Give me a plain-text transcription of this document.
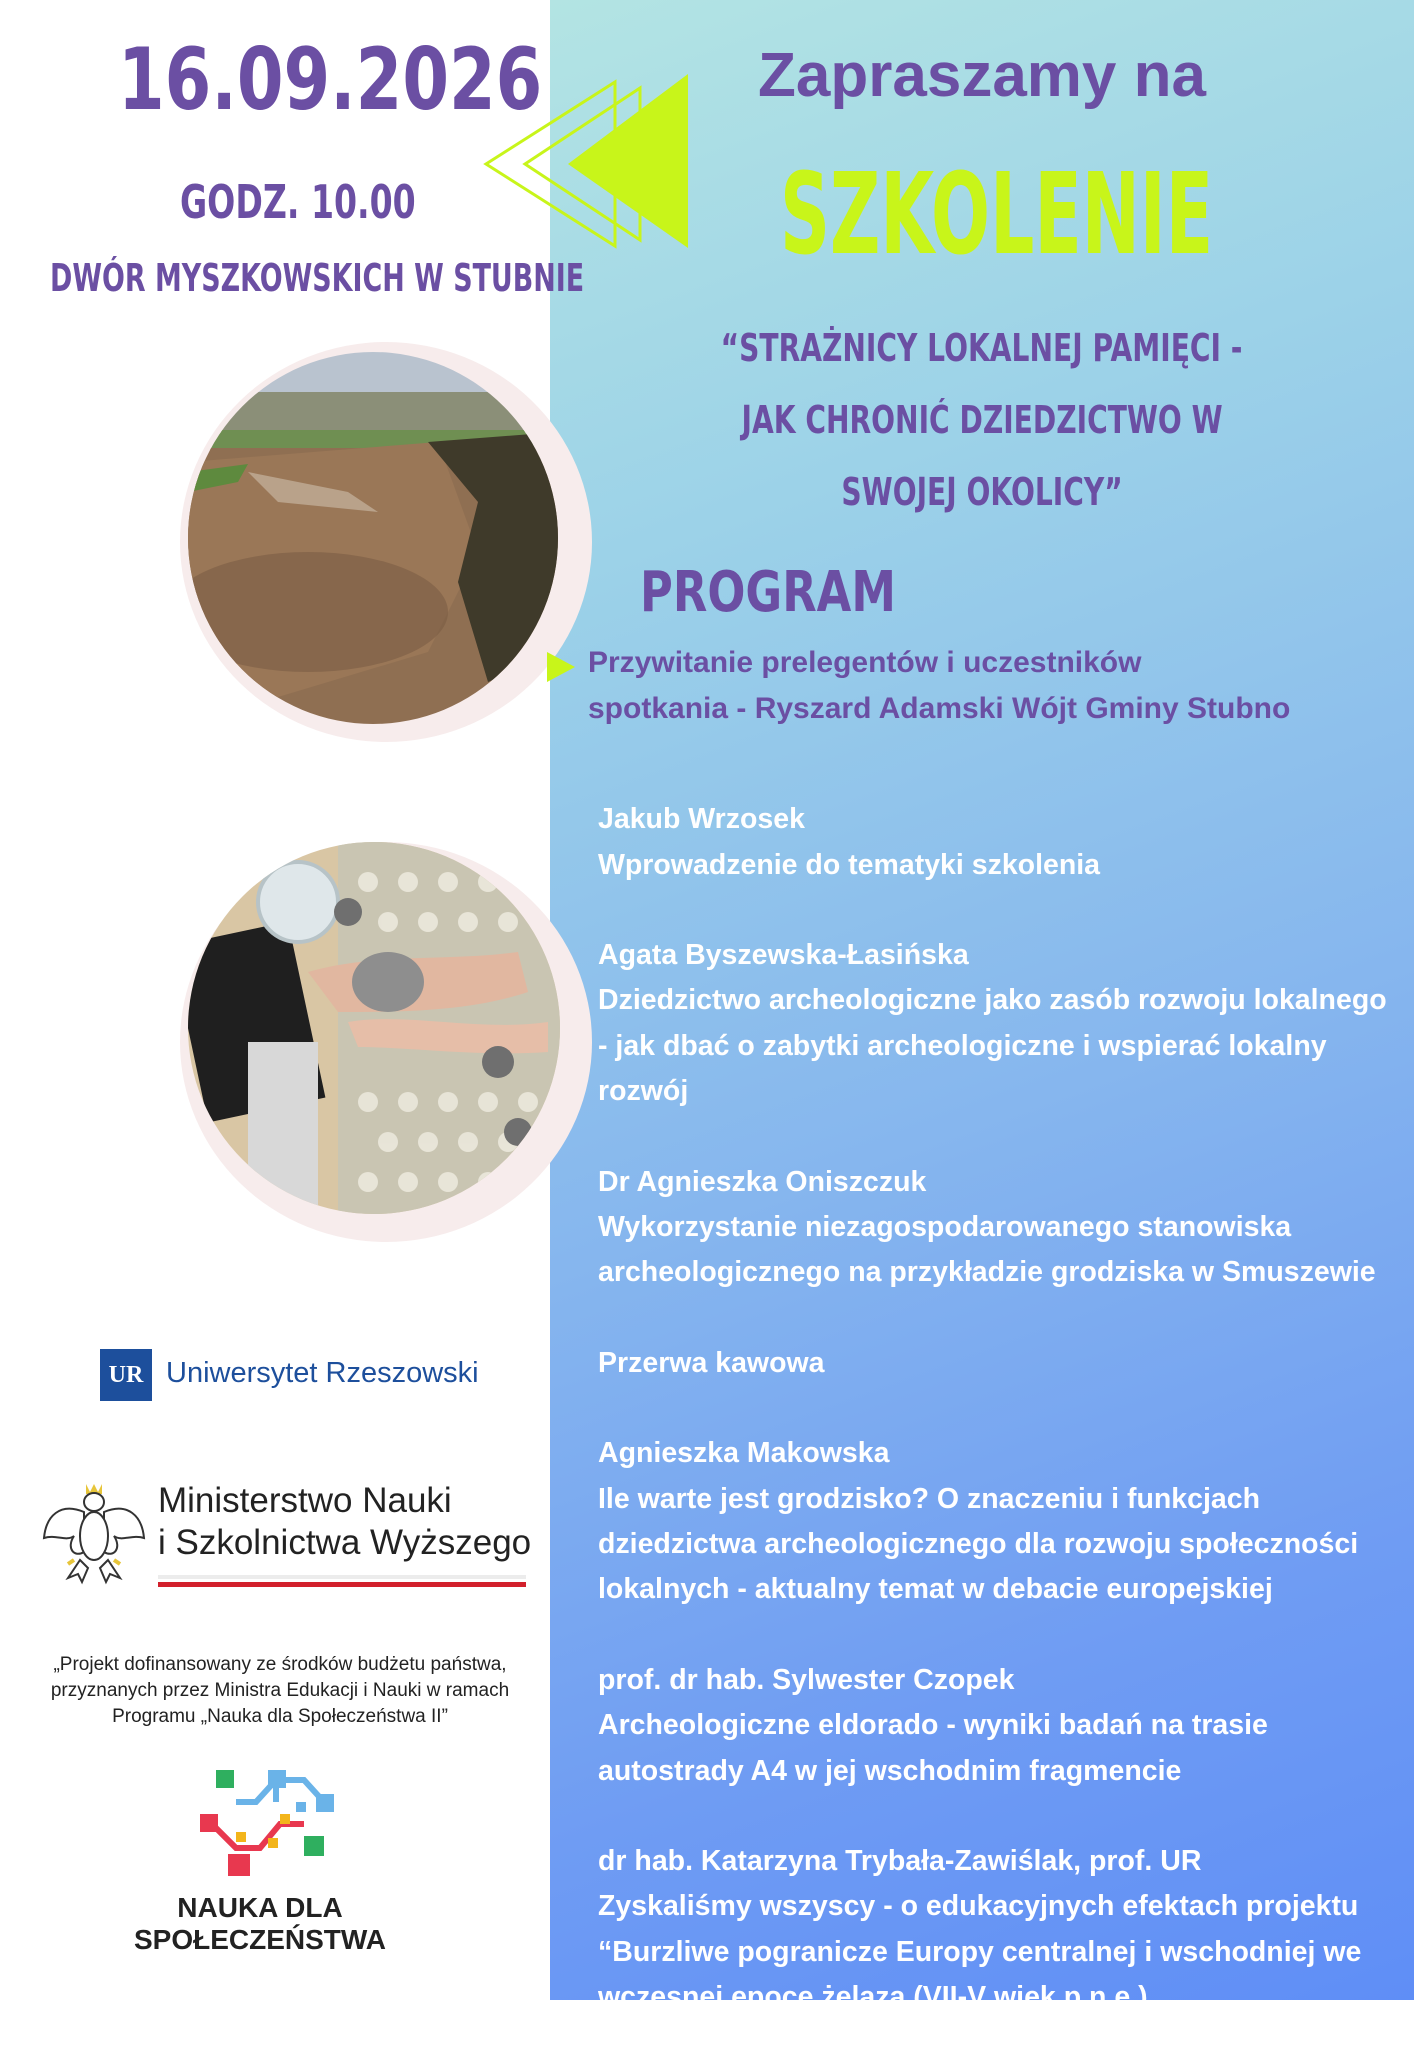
16.09.2026
GODZ. 10.00
DWÓR MYSZKOWSKICH W STUBNIE
Zapraszamy na
SZKOLENIE
“STRAŻNICY LOKALNEJ PAMIĘCI -
JAK CHRONIĆ DZIEDZICTWO W
SWOJEJ OKOLICY”
PROGRAM
Przywitanie prelegentów i uczestników
spotkania - Ryszard Adamski Wójt Gminy Stubno

Jakub Wrzosek
Wprowadzenie do tematyki szkolenia

Agata Byszewska-Łasińska
Dziedzictwo archeologiczne jako zasób rozwoju lokalnego
- jak dbać o zabytki archeologiczne i wspierać lokalny
rozwój

Dr Agnieszka Oniszczuk
Wykorzystanie niezagospodarowanego stanowiska
archeologicznego na przykładzie grodziska w Smuszewie

Przerwa kawowa

Agnieszka Makowska
Ile warte jest grodzisko? O znaczeniu i funkcjach
dziedzictwa archeologicznego dla rozwoju społeczności
lokalnych - aktualny temat w debacie europejskiej

prof. dr hab. Sylwester Czopek
Archeologiczne eldorado - wyniki badań na trasie
autostrady A4 w jej wschodnim fragmencie

dr hab. Katarzyna Trybała-Zawiślak, prof. UR
Zyskaliśmy wszyscy - o edukacyjnych efektach projektu
“Burzliwe pogranicze Europy centralnej i wschodniej we
wczesnej epoce żelaza (VII-V wiek p.n.e.)

UR Uniwersytet Rzeszowski
Ministerstwo Nauki
i Szkolnictwa Wyższego
„Projekt dofinansowany ze środków budżetu państwa,
przyznanych przez Ministra Edukacji i Nauki w ramach
Programu „Nauka dla Społeczeństwa II”
NAUKA DLA
SPOŁECZEŃSTWA
